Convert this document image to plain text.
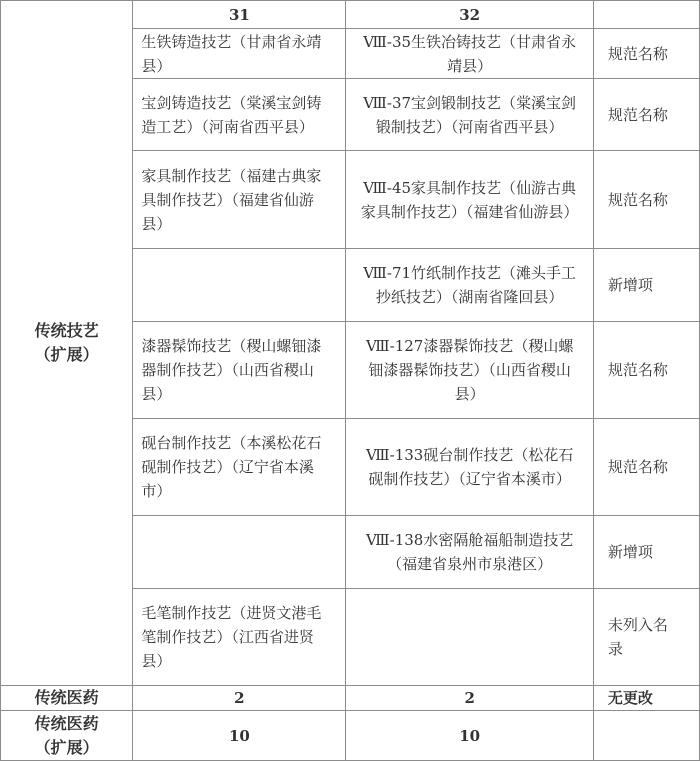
传统技艺（扩展）	31	32	
	生铁铸造技艺（甘肃省永靖县）	Ⅷ-35生铁冶铸技艺（甘肃省永靖县）	规范名称
	宝剑铸造技艺（棠溪宝剑铸造工艺）（河南省西平县）	Ⅷ-37宝剑锻制技艺（棠溪宝剑锻制技艺）（河南省西平县）	规范名称
	家具制作技艺（福建古典家具制作技艺）（福建省仙游县）	Ⅷ-45家具制作技艺（仙游古典家具制作技艺）（福建省仙游县）	规范名称
		Ⅷ-71竹纸制作技艺（滩头手工抄纸技艺）（湖南省隆回县）	新增项
	漆器髹饰技艺（稷山螺钿漆器制作技艺）（山西省稷山县）	Ⅷ-127漆器髹饰技艺（稷山螺钿漆器髹饰技艺）（山西省稷山县）	规范名称
	砚台制作技艺（本溪松花石砚制作技艺）（辽宁省本溪市）	Ⅷ-133砚台制作技艺（松花石砚制作技艺）（辽宁省本溪市）	规范名称
		Ⅷ-138水密隔舱福船制造技艺（福建省泉州市泉港区）	新增项
	毛笔制作技艺（进贤文港毛笔制作技艺）（江西省进贤县）		未列入名录
传统医药	2	2	无更改

传统医药（扩展）	10	10	
